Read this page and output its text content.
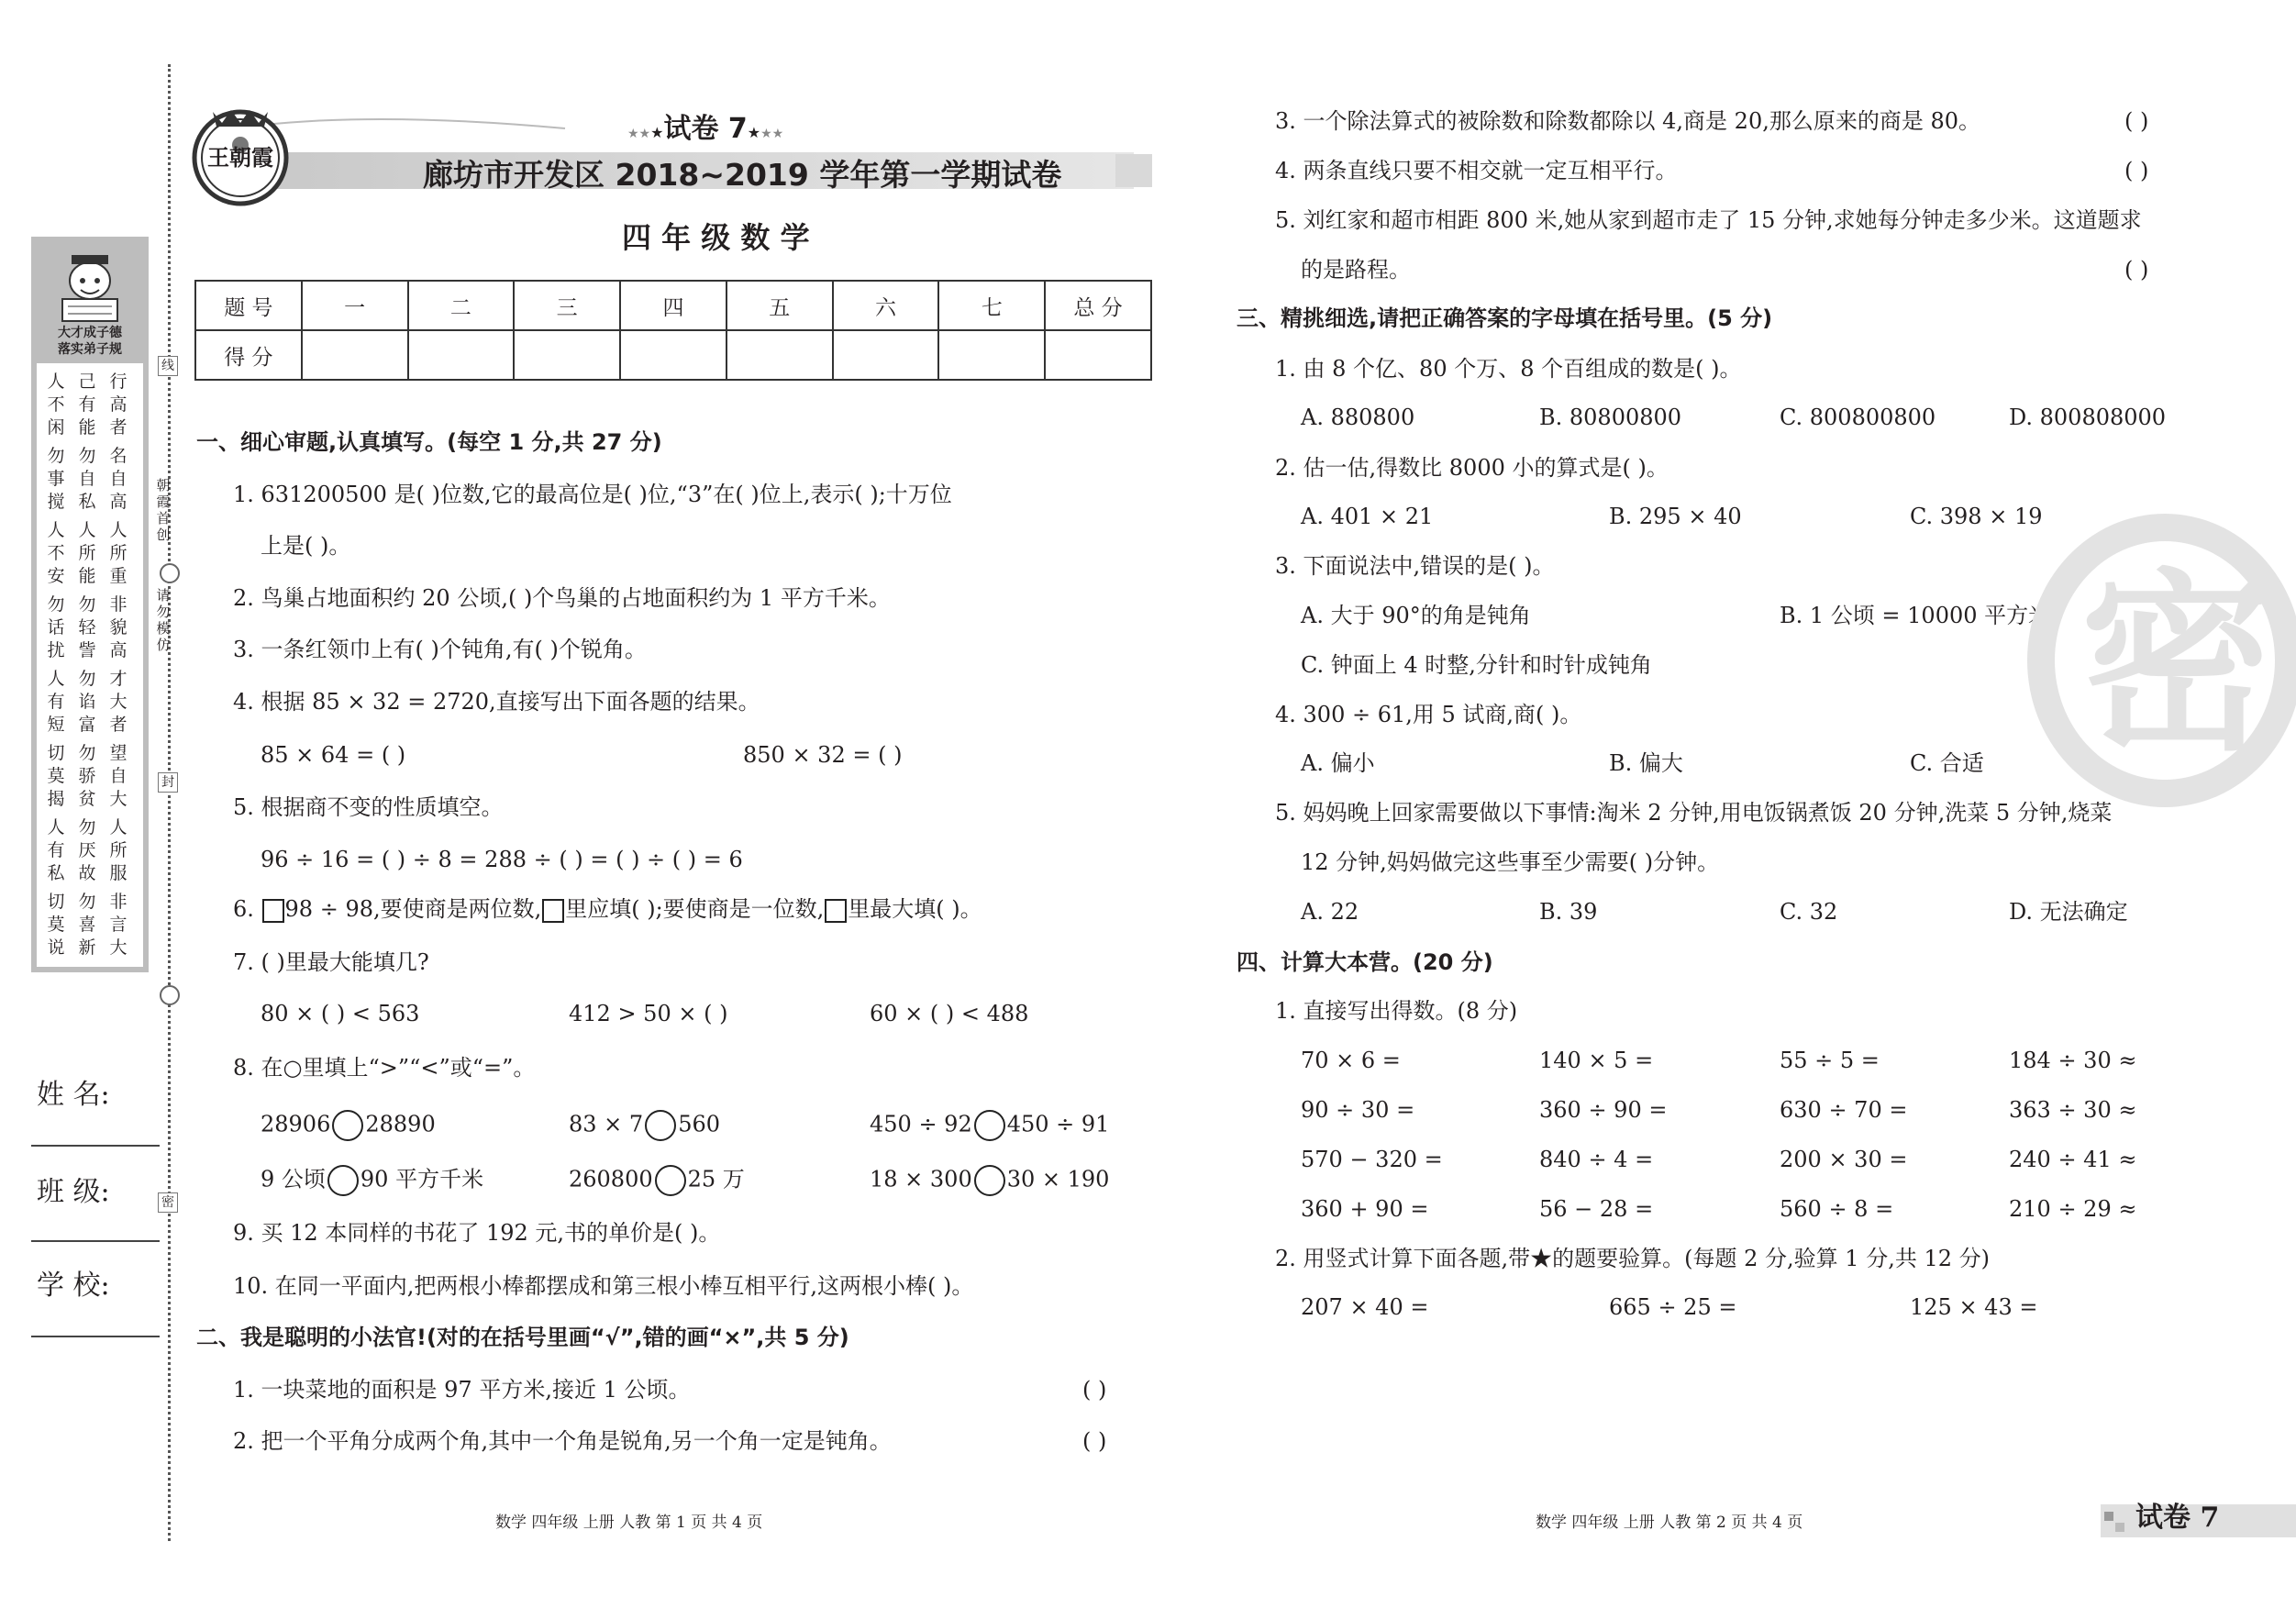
大才成子德
落实弟子规
人
不
闲
己
有
能
行
高
者
勿
事
搅
勿
自
私
名
自
高
人
不
安
人
所
能
人
所
重
勿
话
扰
勿
轻
訾
非
貌
高
人
有
短
勿
谄
富
才
大
者
切
莫
揭
勿
骄
贫
望
自
大
人
有
私
勿
厌
故
人
所
服
切
莫
说
勿
喜
新
非
言
大
朝
霞
首
创
请
勿
模
仿
线
封
密
姓 名:
班 级:
学 校:
王朝霞
★★★试卷 7★★★
廊坊市开发区 2018~2019 学年第一学期试卷
四 年 级 数 学
题 号	一	二	三	四	五	六	七	总 分
得 分								
一、细心审题,认真填写。(每空 1 分,共 27 分)
1. 631200500 是( )位数,它的最高位是( )位,“3”在( )位上,表示( );十万位
上是( )。
2. 鸟巢占地面积约 20 公顷,( )个鸟巢的占地面积约为 1 平方千米。
3. 一条红领巾上有( )个钝角,有( )个锐角。
4. 根据 85 × 32 = 2720,直接写出下面各题的结果。
85 × 64 = ( )	850 × 32 = ( )
5. 根据商不变的性质填空。
96 ÷ 16 = ( ) ÷ 8 = 288 ÷ ( ) = ( ) ÷ ( ) = 6
6. 98 ÷ 98,要使商是两位数, 里应填( );要使商是一位数, 里最大填( )。
7. ( )里最大能填几?
80 × ( ) < 563	412 > 50 × ( )	60 × ( ) < 488
8. 在○里填上“>”“<”或“=”。
28906 28890	83 × 7 560	450 ÷ 92 450 ÷ 91
9 公顷 90 平方千米	260800 25 万	18 × 300 30 × 190
9. 买 12 本同样的书花了 192 元,书的单价是( )。
10. 在同一平面内,把两根小棒都摆成和第三根小棒互相平行,这两根小棒( )。
二、我是聪明的小法官!(对的在括号里画“√”,错的画“×”,共 5 分)
1. 一块菜地的面积是 97 平方米,接近 1 公顷。	( )
2. 把一个平角分成两个角,其中一个角是锐角,另一个角一定是钝角。	( )
数学 四年级 上册 人教 第 1 页 共 4 页
3. 一个除法算式的被除数和除数都除以 4,商是 20,那么原来的商是 80。	( )
4. 两条直线只要不相交就一定互相平行。	( )
5. 刘红家和超市相距 800 米,她从家到超市走了 15 分钟,求她每分钟走多少米。这道题求
的是路程。	( )
三、精挑细选,请把正确答案的字母填在括号里。(5 分)
1. 由 8 个亿、80 个万、8 个百组成的数是( )。
A. 880800	B. 80800800	C. 800800800	D. 800808000
2. 估一估,得数比 8000 小的算式是( )。
A. 401 × 21	B. 295 × 40	C. 398 × 19
3. 下面说法中,错误的是( )。
A. 大于 90°的角是钝角	B. 1 公顷 = 10000 平方米
C. 钟面上 4 时整,分针和时针成钝角
4. 300 ÷ 61,用 5 试商,商( )。
A. 偏小	B. 偏大	C. 合适
5. 妈妈晚上回家需要做以下事情:淘米 2 分钟,用电饭锅煮饭 20 分钟,洗菜 5 分钟,烧菜
12 分钟,妈妈做完这些事至少需要( )分钟。
A. 22	B. 39	C. 32	D. 无法确定
四、计算大本营。(20 分)
1. 直接写出得数。(8 分)
70 × 6 =	140 × 5 =	55 ÷ 5 =	184 ÷ 30 ≈
90 ÷ 30 =	360 ÷ 90 =	630 ÷ 70 =	363 ÷ 30 ≈
570 − 320 =	840 ÷ 4 =	200 × 30 =	240 ÷ 41 ≈
360 + 90 =	56 − 28 =	560 ÷ 8 =	210 ÷ 29 ≈
2. 用竖式计算下面各题,带★的题要验算。(每题 2 分,验算 1 分,共 12 分)
207 × 40 =	665 ÷ 25 =	125 × 43 =
数学 四年级 上册 人教 第 2 页 共 4 页	试卷 7
密
